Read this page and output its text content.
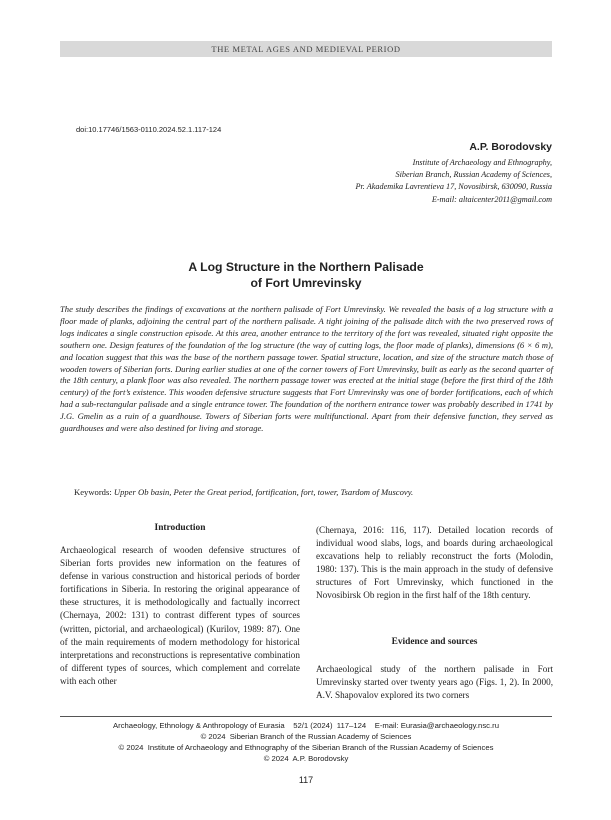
THE METAL AGES AND MEDIEVAL PERIOD
doi:10.17746/1563-0110.2024.52.1.117-124
A.P. Borodovsky
Institute of Archaeology and Ethnography,
Siberian Branch, Russian Academy of Sciences,
Pr. Akademika Lavrentieva 17, Novosibirsk, 630090, Russia
E-mail: altaicenter2011@gmail.com
A Log Structure in the Northern Palisade
of Fort Umrevinsky

The study describes the findings of excavations at the northern palisade of Fort Umrevinsky. We revealed the basis of a log structure with a floor made of planks, adjoining the central part of the northern palisade. A tight joining of the palisade ditch with the two preserved rows of logs indicates a single construction episode. At this area, another entrance to the territory of the fort was revealed, situated right opposite the southern one. Design features of the foundation of the log structure (the way of cutting logs, the floor made of planks), dimensions (6 × 6 m), and location suggest that this was the base of the northern passage tower. Spatial structure, location, and size of the structure match those of wooden towers of Siberian forts. During earlier studies at one of the corner towers of Fort Umrevinsky, built as early as the second quarter of the 18th century, a plank floor was also revealed. The northern passage tower was erected at the initial stage (before the first third of the 18th century) of the fort’s existence. This wooden defensive structure suggests that Fort Umrevinsky was one of border fortifications, each of which had a sub-rectangular palisade and a single entrance tower. The foundation of the northern entrance tower was probably described in 1741 by J.G. Gmelin as a ruin of a guardhouse. Towers of Siberian forts were multifunctional. Apart from their defensive function, they served as guardhouses and were also destined for living and storage.

Keywords: Upper Ob basin, Peter the Great period, fortification, fort, tower, Tsardom of Muscovy.
Introduction

Archaeological research of wooden defensive structures of Siberian forts provides new information on the features of defense in various construction and historical periods of border fortifications in Siberia. In restoring the original appearance of these structures, it is methodologically and factually incorrect (Chernaya, 2002: 131) to contrast different types of sources (written, pictorial, and archaeological) (Kurilov, 1989: 87). One of the main requirements of modern methodology for historical interpretations and reconstructions is representative combination of different types of sources, which complement and correlate with each other

(Chernaya, 2016: 116, 117). Detailed location records of individual wood slabs, logs, and boards during archaeological excavations help to reliably reconstruct the forts (Molodin, 1980: 137). This is the main approach in the study of defensive structures of Fort Umrevinsky, which functioned in the Novosibirsk Ob region in the first half of the 18th century.

Evidence and sources

Archaeological study of the northern palisade in Fort Umrevinsky started over twenty years ago (Figs. 1, 2). In 2000, A.V. Shapovalov explored its two corners

Archaeology, Ethnology & Anthropology of Eurasia    52/1 (2024)  117–124    E-mail: Eurasia@archaeology.nsc.ru
© 2024  Siberian Branch of the Russian Academy of Sciences
© 2024  Institute of Archaeology and Ethnography of the Siberian Branch of the Russian Academy of Sciences
© 2024  A.P. Borodovsky
117
